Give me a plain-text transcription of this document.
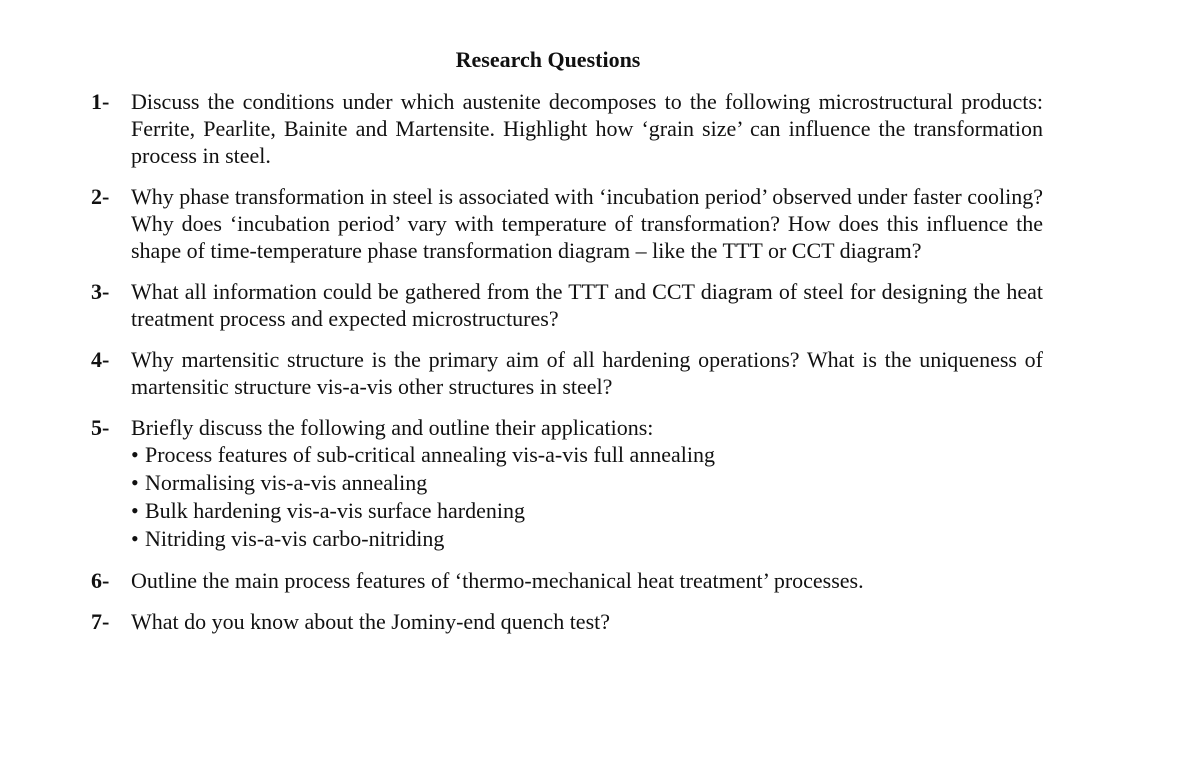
Research Questions
1- Discuss the conditions under which austenite decomposes to the following microstructural products: Ferrite, Pearlite, Bainite and Martensite. Highlight how ‘grain size’ can influence the transformation process in steel.
2- Why phase transformation in steel is associated with ‘incubation period’ observed under faster cooling? Why does ‘incubation period’ vary with temperature of transformation? How does this influence the shape of time-temperature phase transformation diagram – like the TTT or CCT diagram?
3- What all information could be gathered from the TTT and CCT diagram of steel for designing the heat treatment process and expected microstructures?
4- Why martensitic structure is the primary aim of all hardening operations? What is the uniqueness of martensitic structure vis-a-vis other structures in steel?
5- Briefly discuss the following and outline their applications:
• Process features of sub-critical annealing vis-a-vis full annealing
• Normalising vis-a-vis annealing
• Bulk hardening vis-a-vis surface hardening
• Nitriding vis-a-vis carbo-nitriding
6- Outline the main process features of ‘thermo-mechanical heat treatment’ processes.
7- What do you know about the Jominy-end quench test?
